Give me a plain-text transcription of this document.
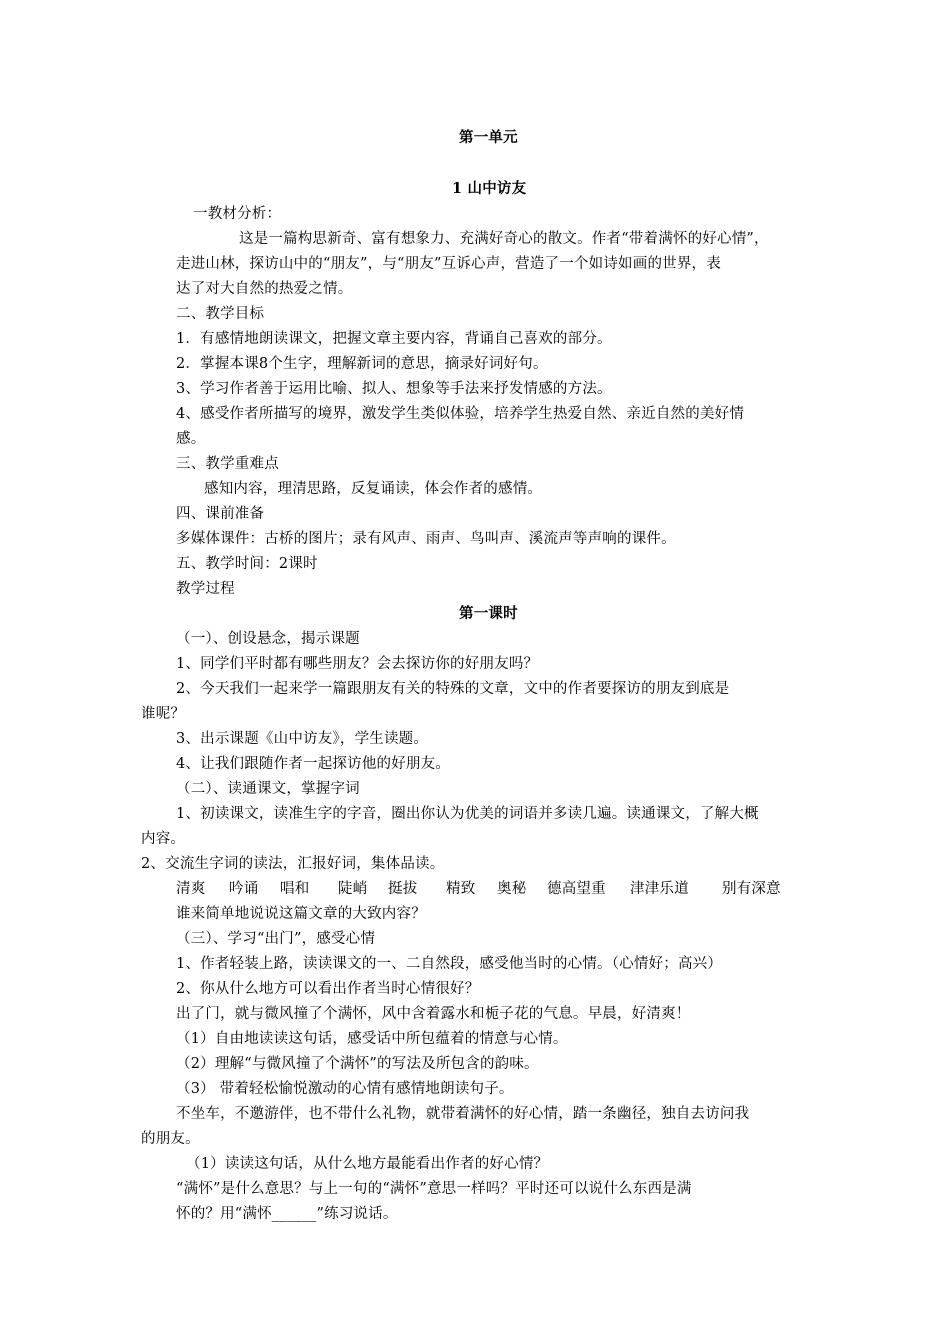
第一单元
1 山中访友
一教材分析：
这是一篇构思新奇、富有想象力、充满好奇心的散文。作者“带着满怀的好心情”，
走进山林，探访山中的“朋友”，与“朋友”互诉心声，营造了一个如诗如画的世界，表
达了对大自然的热爱之情。
二、教学目标
1．有感情地朗读课文，把握文章主要内容，背诵自己喜欢的部分。
2．掌握本课8个生字，理解新词的意思，摘录好词好句。
3、学习作者善于运用比喻、拟人、想象等手法来抒发情感的方法。
4、感受作者所描写的境界，激发学生类似体验，培养学生热爱自然、亲近自然的美好情
感。
三、教学重难点
感知内容，理清思路，反复诵读，体会作者的感情。
四、课前准备
多媒体课件：古桥的图片；录有风声、雨声、鸟叫声、溪流声等声响的课件。
五、教学时间：2课时
教学过程
第一课时
（一）、创设悬念，揭示课题
1、同学们平时都有哪些朋友？会去探访你的好朋友吗？
2、今天我们一起来学一篇跟朋友有关的特殊的文章，文中的作者要探访的朋友到底是
谁呢？
3、出示课题《山中访友》，学生读题。
4、让我们跟随作者一起探访他的好朋友。
（二）、读通课文，掌握字词
1、初读课文，读准生字的字音，圈出你认为优美的词语并多读几遍。读通课文，了解大概
内容。
2、交流生字词的读法，汇报好词，集体品读。
清爽 吟诵 唱和 陡峭 挺拔 精致 奥秘 德高望重 津津乐道 别有深意
谁来简单地说说这篇文章的大致内容？
（三）、学习“出门”，感受心情
1、作者轻装上路，读读课文的一、二自然段，感受他当时的心情。（心情好；高兴）
2、你从什么地方可以看出作者当时心情很好？
出了门，就与微风撞了个满怀，风中含着露水和栀子花的气息。早晨，好清爽！
（1）自由地读读这句话，感受话中所包蕴着的情意与心情。
（2）理解“与微风撞了个满怀”的写法及所包含的韵味。
（3） 带着轻松愉悦激动的心情有感情地朗读句子。
不坐车，不邀游伴，也不带什么礼物，就带着满怀的好心情，踏一条幽径，独自去访问我
的朋友。
（1）读读这句话，从什么地方最能看出作者的好心情？
“满怀”是什么意思？与上一句的“满怀”意思一样吗？平时还可以说什么东西是满
怀的？用“满怀______”练习说话。
